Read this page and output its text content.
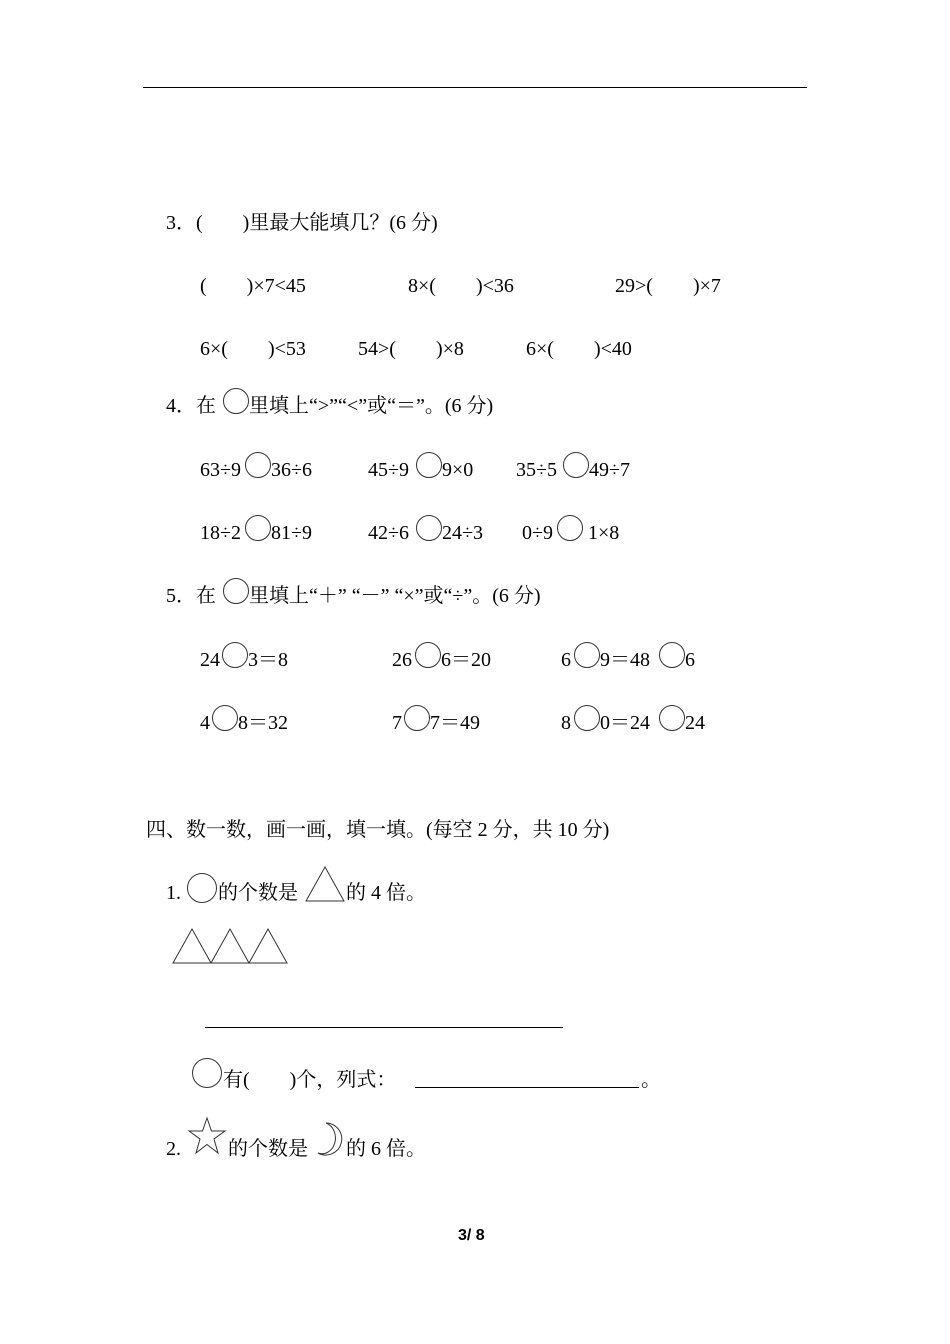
3．(　　)里最大能填几？(6 分)
(　　)×7<45	8×(　　)<36	29>(　　)×7
6×(　　)<53	54>(　　)×8	6×(　　)<40
4．在 里填上“>”“<”或“＝”。(6 分)
63÷9 36÷6	45÷9 9×0 35÷5 49÷7
18÷2 81÷9	42÷6 24÷3 0÷9 1×8
5．在 里填上“＋” “－” “×”或“÷”。(6 分)
24 3＝8	26 6＝20	6 9＝48 6
4 8＝32	7 7＝49	8 0＝24 24
四、数一数，画一画，填一填。(每空 2 分，共 10 分)
1. 的个数是 的 4 倍。
有(　　)个，列式：	。
2. 的个数是 的 6 倍。
3/ 8
